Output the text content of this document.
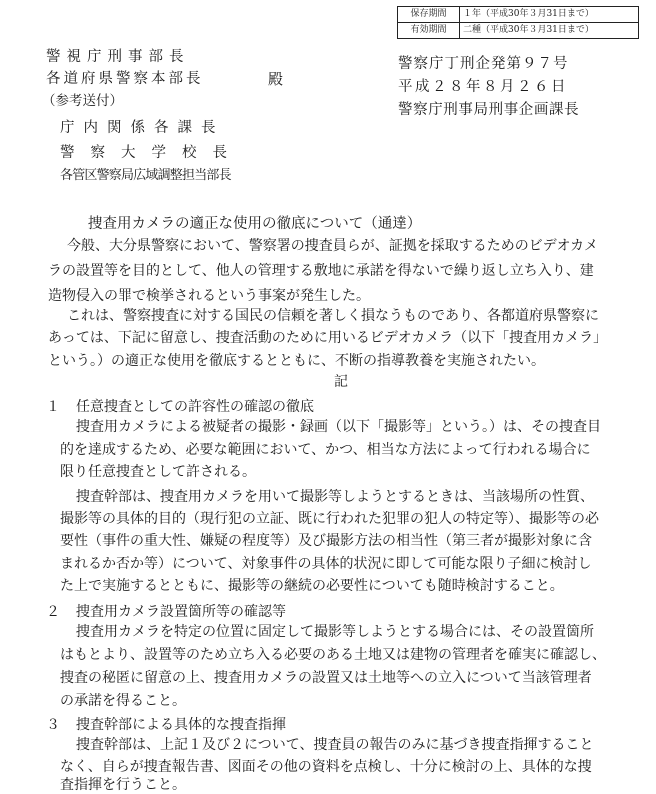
保存期間	１年（平成30年３月31日まで）
有効期間	二種（平成30年３月31日まで）
警視庁刑事部長
各道府県警察本部長
（参考送付）
庁内関係各課長
警察大学校長
各管区警察局広域調整担当部長
殿
警察庁丁刑企発第９７号
平成２８年８月２６日
警察庁刑事局刑事企画課長
捜査用カメラの適正な使用の徹底について（通達）
今般、大分県警察において、警察署の捜査員らが、証拠を採取するためのビデオカメ
ラの設置等を目的として、他人の管理する敷地に承諾を得ないで繰り返し立ち入り、建
造物侵入の罪で検挙されるという事案が発生した。
これは、警察捜査に対する国民の信頼を著しく損なうものであり、各都道府県警察に
あっては、下記に留意し、捜査活動のために用いるビデオカメラ（以下「捜査用カメラ」
という。）の適正な使用を徹底するとともに、不断の指導教養を実施されたい。
記
１ 任意捜査としての許容性の確認の徹底
捜査用カメラによる被疑者の撮影・録画（以下「撮影等」という。）は、その捜査目
的を達成するため、必要な範囲において、かつ、相当な方法によって行われる場合に
限り任意捜査として許される。
捜査幹部は、捜査用カメラを用いて撮影等しようとするときは、当該場所の性質、
撮影等の具体的目的（現行犯の立証、既に行われた犯罪の犯人の特定等）、撮影等の必
要性（事件の重大性、嫌疑の程度等）及び撮影方法の相当性（第三者が撮影対象に含
まれるか否か等）について、対象事件の具体的状況に即して可能な限り子細に検討し
た上で実施するとともに、撮影等の継続の必要性についても随時検討すること。
２ 捜査用カメラ設置箇所等の確認等
捜査用カメラを特定の位置に固定して撮影等しようとする場合には、その設置箇所
はもとより、設置等のため立ち入る必要のある土地又は建物の管理者を確実に確認し、
捜査の秘匿に留意の上、捜査用カメラの設置又は土地等への立入について当該管理者
の承諾を得ること。
３ 捜査幹部による具体的な捜査指揮
捜査幹部は、上記１及び２について、捜査員の報告のみに基づき捜査指揮すること
なく、自らが捜査報告書、図面その他の資料を点検し、十分に検討の上、具体的な捜
査指揮を行うこと。
